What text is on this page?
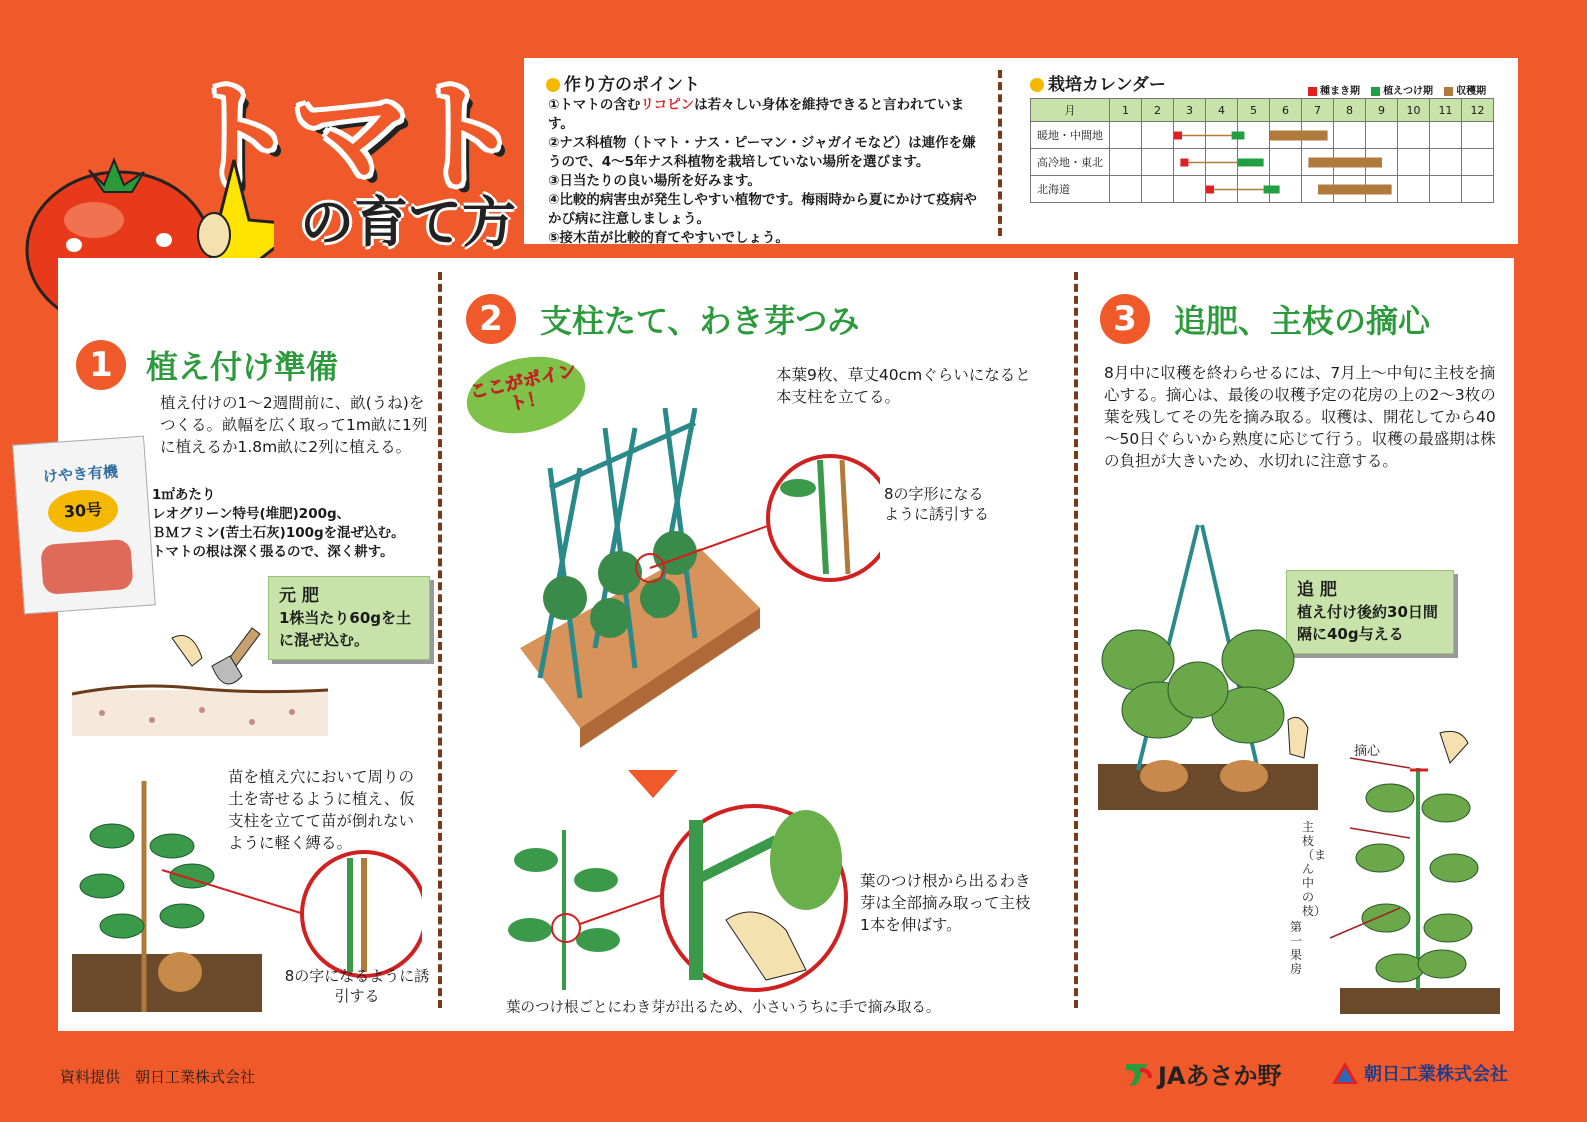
トマト
の育て方
作り方のポイント

①トマトの含むリコピンは若々しい身体を維持できると言われています。

②ナス科植物（トマト・ナス・ピーマン・ジャガイモなど）は連作を嫌うので、4～5年ナス科植物を栽培していない場所を選びます。

③日当たりの良い場所を好みます。

④比較的病害虫が発生しやすい植物です。梅雨時から夏にかけて疫病やかび病に注意しましょう。

⑤接木苗が比較的育てやすいでしょう。

栽培カレンダー	種まき期 植えつけ期 収穫期
月	1	2	3	4	5	6	7	8	9	10	11	12
暖地・中間地												
高冷地・東北												
北海道												
1	植え付け準備
植え付けの1～2週間前に、畝(うね)をつくる。畝幅を広く取って1m畝に1列に植えるか1.8m畝に2列に植える。
1㎡あたり
レオグリーン特号(堆肥)200g、
ＢＭフミン(苦土石灰)100gを混ぜ込む。
トマトの根は深く張るので、深く耕す。
けやき有機
30号
元 肥
1株当たり60gを土に混ぜ込む。
苗を植え穴において周りの土を寄せるように植え、仮支柱を立てて苗が倒れないように軽く縛る。
8の字になるように誘引する
2	支柱たて、わき芽つみ
ここがポイント！
本葉9枚、草丈40cmぐらいになると本支柱を立てる。
8の字形になるように誘引する
葉のつけ根から出るわき芽は全部摘み取って主枝1本を伸ばす。
葉のつけ根ごとにわき芽が出るため、小さいうちに手で摘み取る。
3	追肥、主枝の摘心
8月中に収穫を終わらせるには、7月上～中旬に主枝を摘心する。摘心は、最後の収穫予定の花房の上の2～3枚の葉を残してその先を摘み取る。収穫は、開花してから40～50日ぐらいから熟度に応じて行う。収穫の最盛期は株の負担が大きいため、水切れに注意する。
追 肥
植え付け後約30日間隔に40g与える
摘心
主枝（まん中の枝）
第一果房
資料提供　朝日工業株式会社	JAあさか野	朝日工業株式会社
